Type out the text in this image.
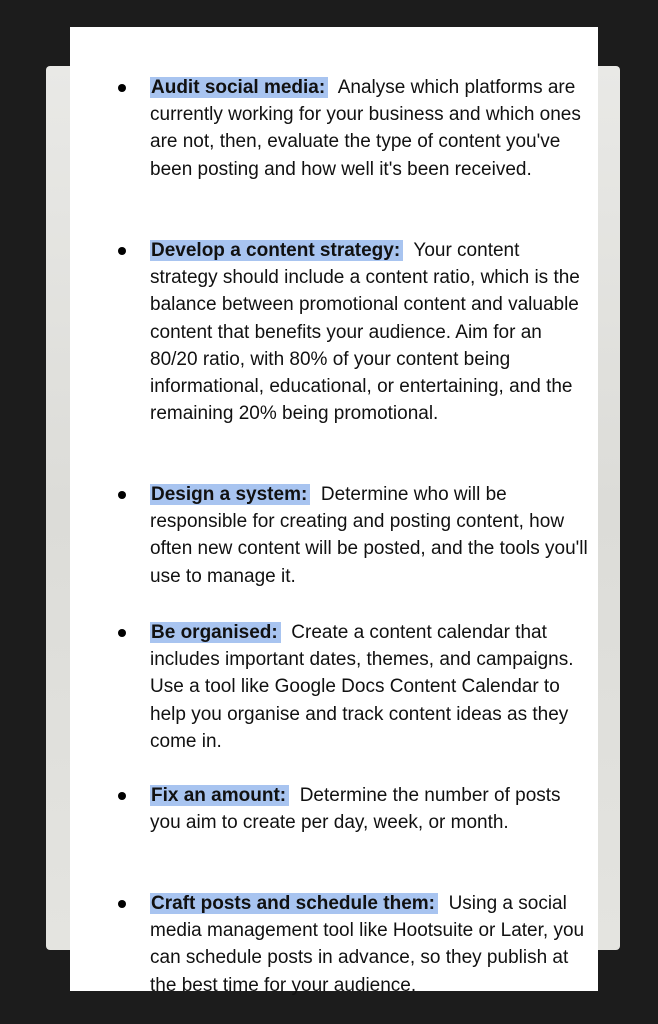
Audit social media: Analyse which platforms are currently working for your business and which ones are not, then, evaluate the type of content you've been posting and how well it's been received.
Develop a content strategy: Your content strategy should include a content ratio, which is the balance between promotional content and valuable content that benefits your audience. Aim for an 80/20 ratio, with 80% of your content being informational, educational, or entertaining, and the remaining 20% being promotional.
Design a system: Determine who will be responsible for creating and posting content, how often new content will be posted, and the tools you'll use to manage it.
Be organised: Create a content calendar that includes important dates, themes, and campaigns. Use a tool like Google Docs Content Calendar to help you organise and track content ideas as they come in.
Fix an amount: Determine the number of posts you aim to create per day, week, or month.
Craft posts and schedule them: Using a social media management tool like Hootsuite or Later, you can schedule posts in advance, so they publish at the best time for your audience.
